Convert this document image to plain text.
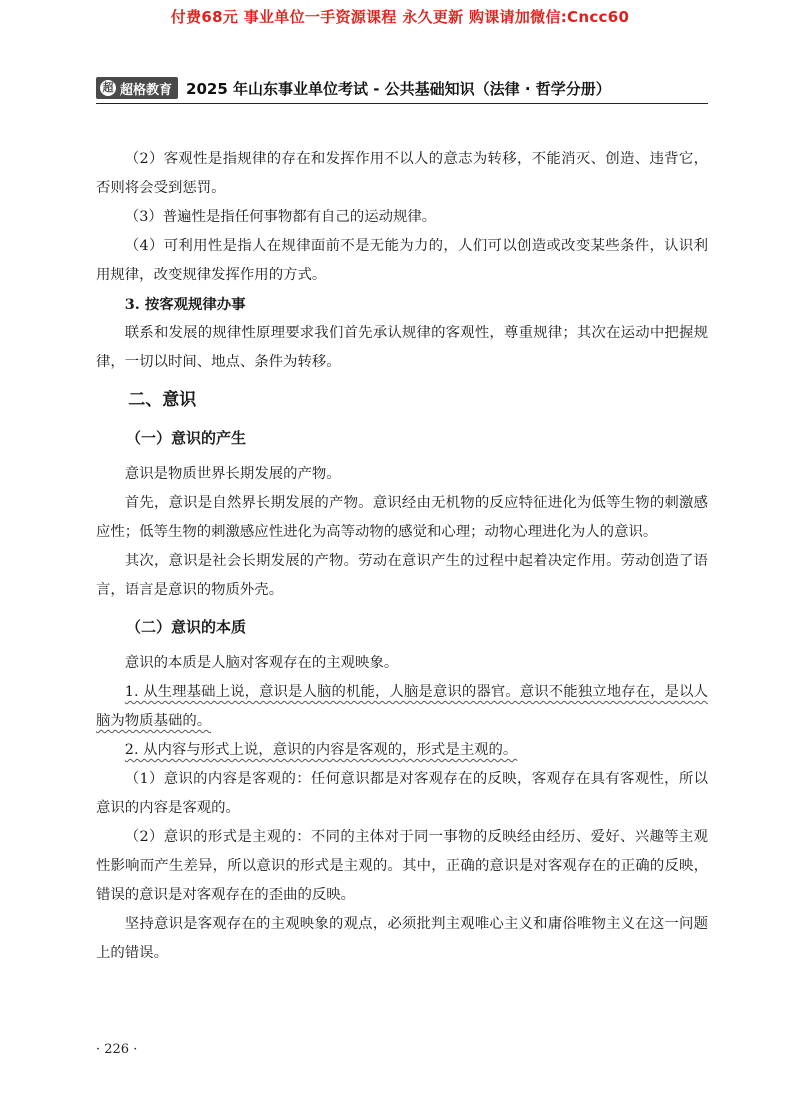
付费68元 事业单位一手资源课程 永久更新 购课请加微信:Cncc60
超 超格教育 2025 年山东事业单位考试 - 公共基础知识（法律 · 哲学分册）

（2）客观性是指规律的存在和发挥作用不以人的意志为转移，不能消灭、创造、违背它，否则将会受到惩罚。

（3）普遍性是指任何事物都有自己的运动规律。

（4）可利用性是指人在规律面前不是无能为力的，人们可以创造或改变某些条件，认识利用规律，改变规律发挥作用的方式。

3. 按客观规律办事

联系和发展的规律性原理要求我们首先承认规律的客观性，尊重规律；其次在运动中把握规律，一切以时间、地点、条件为转移。

二、意识
（一）意识的产生

意识是物质世界长期发展的产物。

首先，意识是自然界长期发展的产物。意识经由无机物的反应特征进化为低等生物的刺激感应性；低等生物的刺激感应性进化为高等动物的感觉和心理；动物心理进化为人的意识。

其次，意识是社会长期发展的产物。劳动在意识产生的过程中起着决定作用。劳动创造了语言，语言是意识的物质外壳。

（二）意识的本质

意识的本质是人脑对客观存在的主观映象。

1. 从生理基础上说，意识是人脑的机能，人脑是意识的器官。意识不能独立地存在，是以人脑为物质基础的。

2. 从内容与形式上说，意识的内容是客观的，形式是主观的。

（1）意识的内容是客观的：任何意识都是对客观存在的反映，客观存在具有客观性，所以意识的内容是客观的。

（2）意识的形式是主观的：不同的主体对于同一事物的反映经由经历、爱好、兴趣等主观性影响而产生差异，所以意识的形式是主观的。其中，正确的意识是对客观存在的正确的反映，错误的意识是对客观存在的歪曲的反映。

坚持意识是客观存在的主观映象的观点，必须批判主观唯心主义和庸俗唯物主义在这一问题上的错误。

· 226 ·
